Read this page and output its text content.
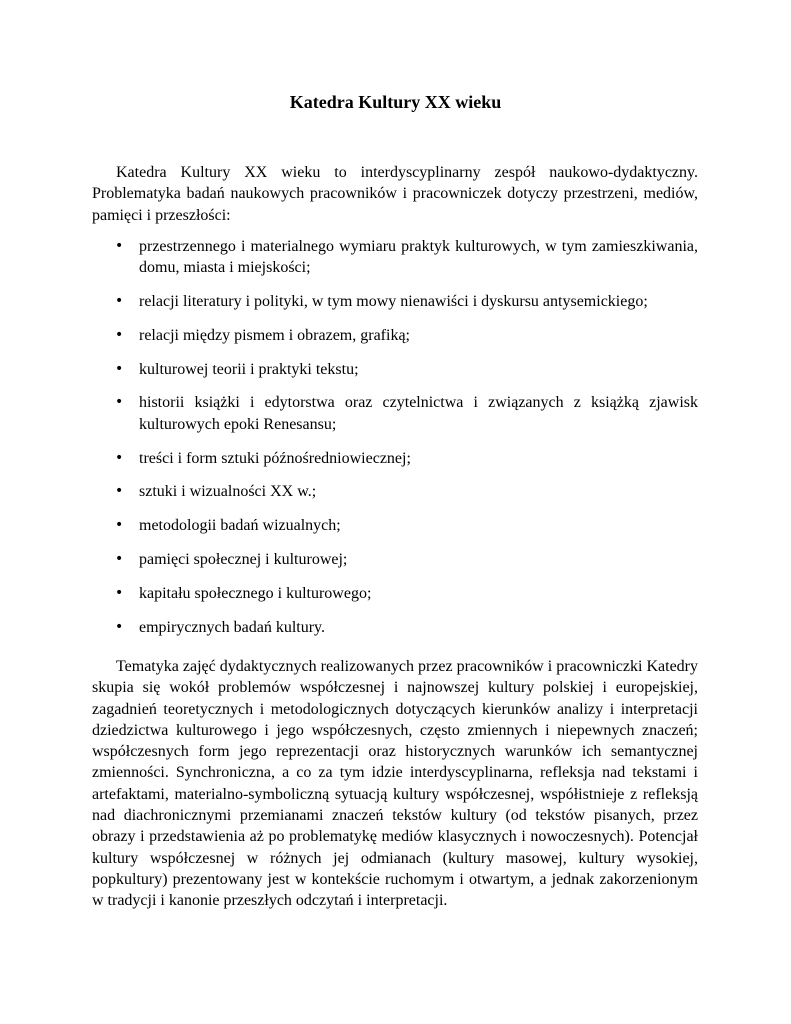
Katedra Kultury XX wieku

Katedra Kultury XX wieku to interdyscyplinarny zespół naukowo-dydaktyczny. Problematyka badań naukowych pracowników i pracowniczek dotyczy przestrzeni, mediów, pamięci i przeszłości:

• przestrzennego i materialnego wymiaru praktyk kulturowych, w tym zamieszkiwania, domu, miasta i miejskości;
• relacji literatury i polityki, w tym mowy nienawiści i dyskursu antysemickiego;
• relacji między pismem i obrazem, grafiką;
• kulturowej teorii i praktyki tekstu;
• historii książki i edytorstwa oraz czytelnictwa i związanych z książką zjawisk kulturowych epoki Renesansu;
• treści i form sztuki późnośredniowiecznej;
• sztuki i wizualności XX w.;
• metodologii badań wizualnych;
• pamięci społecznej i kulturowej;
• kapitału społecznego i kulturowego;
• empirycznych badań kultury.

Tematyka zajęć dydaktycznych realizowanych przez pracowników i pracowniczki Katedry skupia się wokół problemów współczesnej i najnowszej kultury polskiej i europejskiej, zagadnień teoretycznych i metodologicznych dotyczących kierunków analizy i interpretacji dziedzictwa kulturowego i jego współczesnych, często zmiennych i niepewnych znaczeń; współczesnych form jego reprezentacji oraz historycznych warunków ich semantycznej zmienności. Synchroniczna, a co za tym idzie interdyscyplinarna, refleksja nad tekstami i artefaktami, materialno-symboliczną sytuacją kultury współczesnej, współistnieje z refleksją nad diachronicznymi przemianami znaczeń tekstów kultury (od tekstów pisanych, przez obrazy i przedstawienia aż po problematykę mediów klasycznych i nowoczesnych). Potencjał kultury współczesnej w różnych jej odmianach (kultury masowej, kultury wysokiej, popkultury) prezentowany jest w kontekście ruchomym i otwartym, a jednak zakorzenionym w tradycji i kanonie przeszłych odczytań i interpretacji.
